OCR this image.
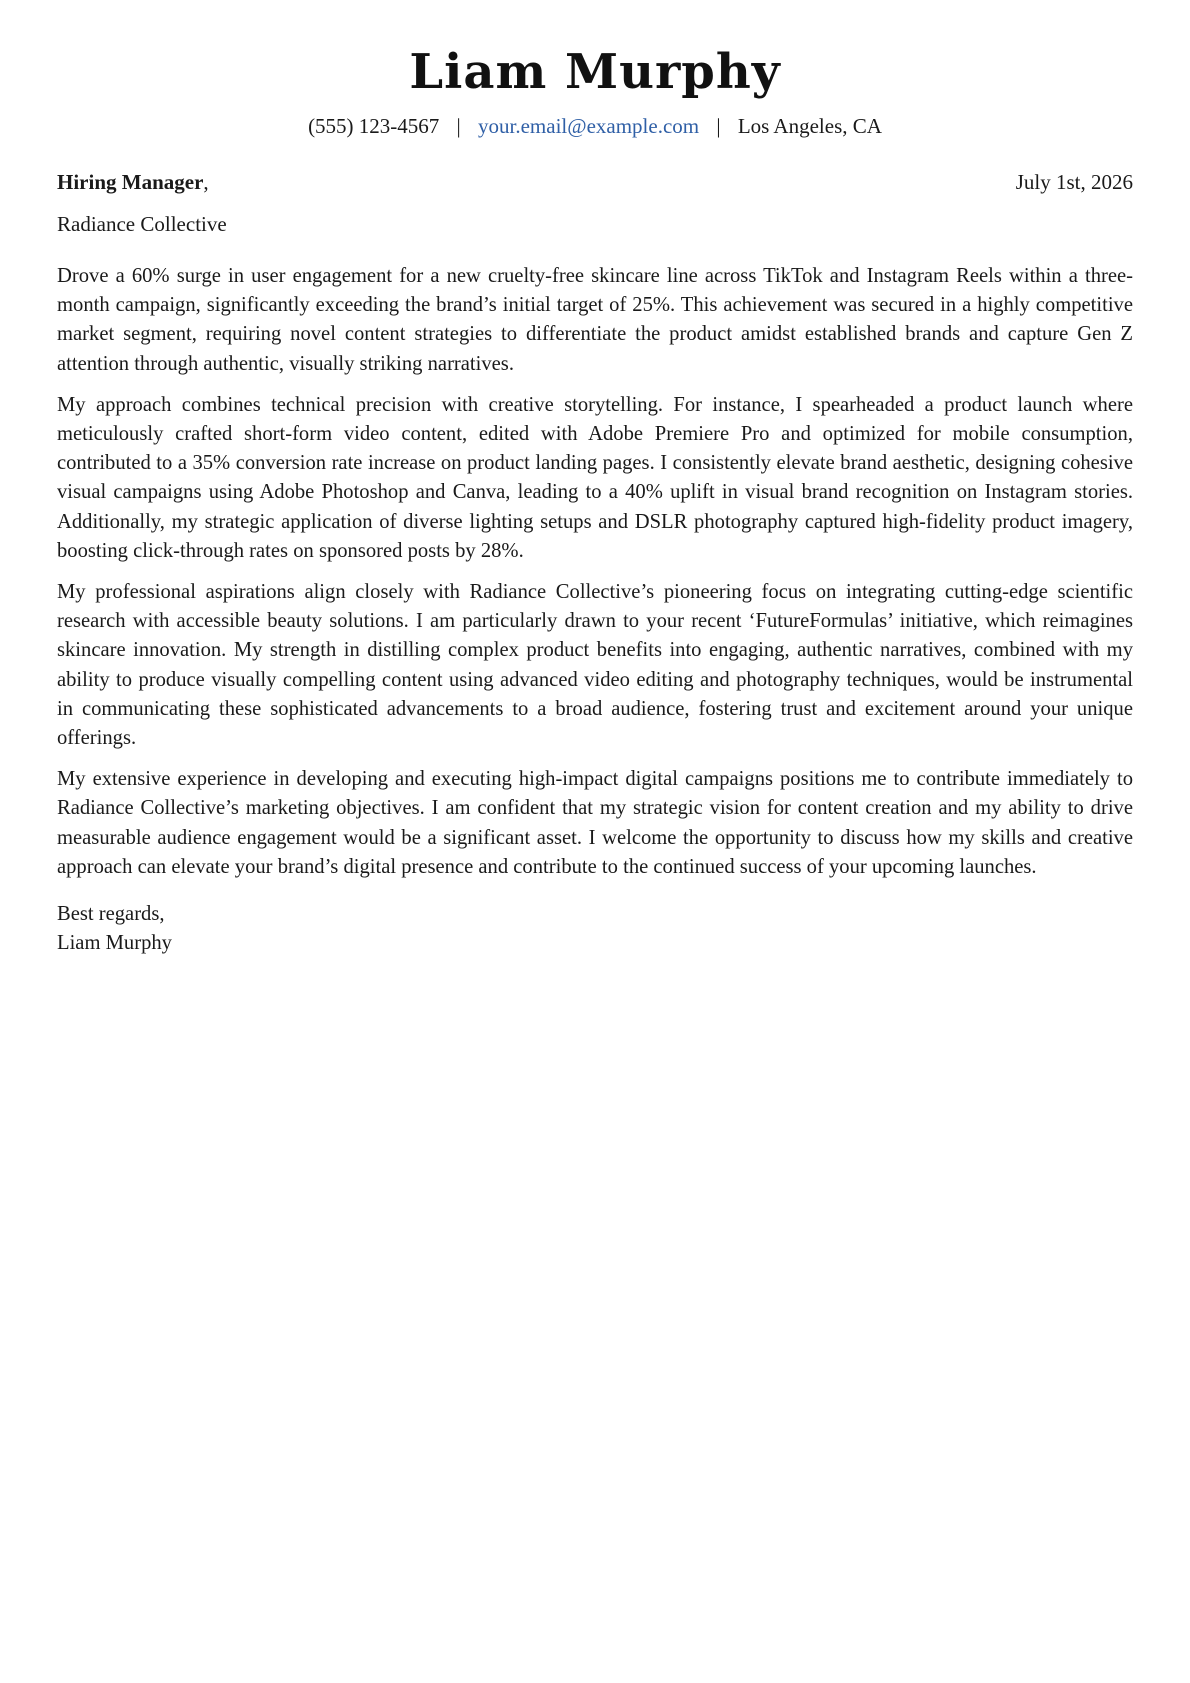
Liam Murphy
(555) 123-4567 | your.email@example.com | Los Angeles, CA
Hiring Manager,	July 1st, 2026
Radiance Collective

Drove a 60% surge in user engagement for a new cruelty-free skincare line across TikTok and Instagram Reels within a three-month campaign, significantly exceeding the brand’s initial target of 25%. This achievement was secured in a highly competitive market segment, requiring novel content strategies to differentiate the product amidst established brands and capture Gen Z attention through authentic, visually striking narratives.

My approach combines technical precision with creative storytelling. For instance, I spearheaded a product launch where meticulously crafted short-form video content, edited with Adobe Premiere Pro and optimized for mobile consumption, contributed to a 35% conversion rate increase on product landing pages. I consistently elevate brand aesthetic, designing cohesive visual campaigns using Adobe Photoshop and Canva, leading to a 40% uplift in visual brand recognition on Instagram stories. Additionally, my strategic application of diverse lighting setups and DSLR photography captured high-fidelity product imagery, boosting click-through rates on sponsored posts by 28%.

My professional aspirations align closely with Radiance Collective’s pioneering focus on integrating cutting-edge scientific research with accessible beauty solutions. I am particularly drawn to your recent ‘FutureFormulas’ initiative, which reimagines skincare innovation. My strength in distilling complex product benefits into engaging, authentic narratives, combined with my ability to produce visually compelling content using advanced video editing and photography techniques, would be instrumental in communicating these sophisticated advancements to a broad audience, fostering trust and excitement around your unique offerings.

My extensive experience in developing and executing high-impact digital campaigns positions me to contribute immediately to Radiance Collective’s marketing objectives. I am confident that my strategic vision for content creation and my ability to drive measurable audience engagement would be a significant asset. I welcome the opportunity to discuss how my skills and creative approach can elevate your brand’s digital presence and contribute to the continued success of your upcoming launches.

Best regards,
Liam Murphy
